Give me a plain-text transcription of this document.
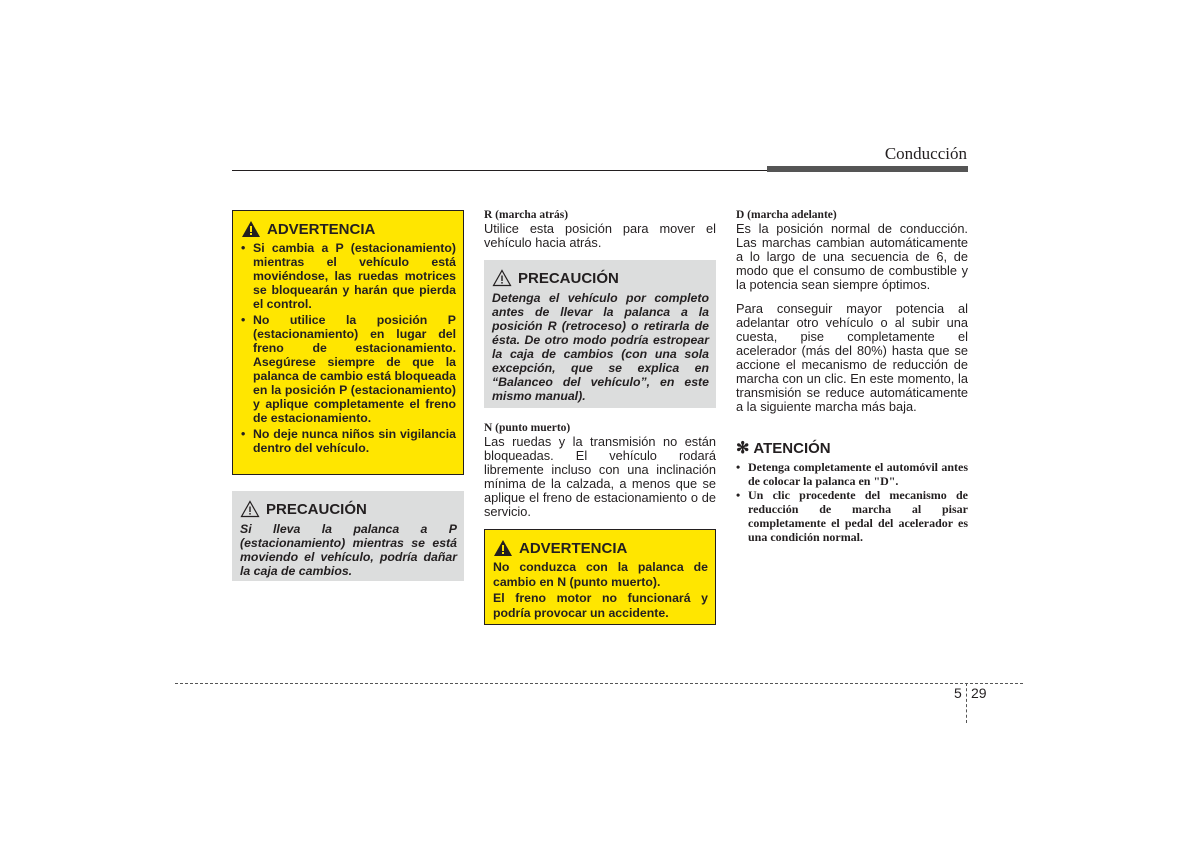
Conducción
ADVERTENCIA
• Si cambia a P (estacionamiento) mientras el vehículo está moviéndose, las ruedas motrices se bloquearán y harán que pierda el control.
• No utilice la posición P (estacionamiento) en lugar del freno de estacionamiento. Asegúrese siempre de que la palanca de cambio está bloqueada en la posición P (estacionamiento) y aplique completamente el freno de estacionamiento.
• No deje nunca niños sin vigilancia dentro del vehículo.
PRECAUCIÓN
Si lleva la palanca a P (estacionamiento) mientras se está moviendo el vehículo, podría dañar la caja de cambios.

R (marcha atrás)

Utilice esta posición para mover el vehículo hacia atrás.

PRECAUCIÓN
Detenga el vehículo por completo antes de llevar la palanca a la posición R (retroceso) o retirarla de ésta. De otro modo podría estropear la caja de cambios (con una sola excepción, que se explica en “Balanceo del vehículo”, en este mismo manual).

N (punto muerto)

Las ruedas y la transmisión no están bloqueadas. El vehículo rodará libremente incluso con una inclinación mínima de la calzada, a menos que se aplique el freno de estacionamiento o de servicio.

ADVERTENCIA

No conduzca con la palanca de cambio en N (punto muerto).

El freno motor no funcionará y podría provocar un accidente.

D (marcha adelante)

Es la posición normal de conducción. Las marchas cambian automáticamente a lo largo de una secuencia de 6, de modo que el consumo de combustible y la potencia sean siempre óptimos.

Para conseguir mayor potencia al adelantar otro vehículo o al subir una cuesta, pise completamente el acelerador (más del 80%) hasta que se accione el mecanismo de reducción de marcha con un clic. En este momento, la transmisión se reduce automáticamente a la siguiente marcha más baja.

✻ ATENCIÓN
• Detenga completamente el automóvil antes de colocar la palanca en "D".
• Un clic procedente del mecanismo de reducción de marcha al pisar completamente el pedal del acelerador es una condición normal.
5 29
